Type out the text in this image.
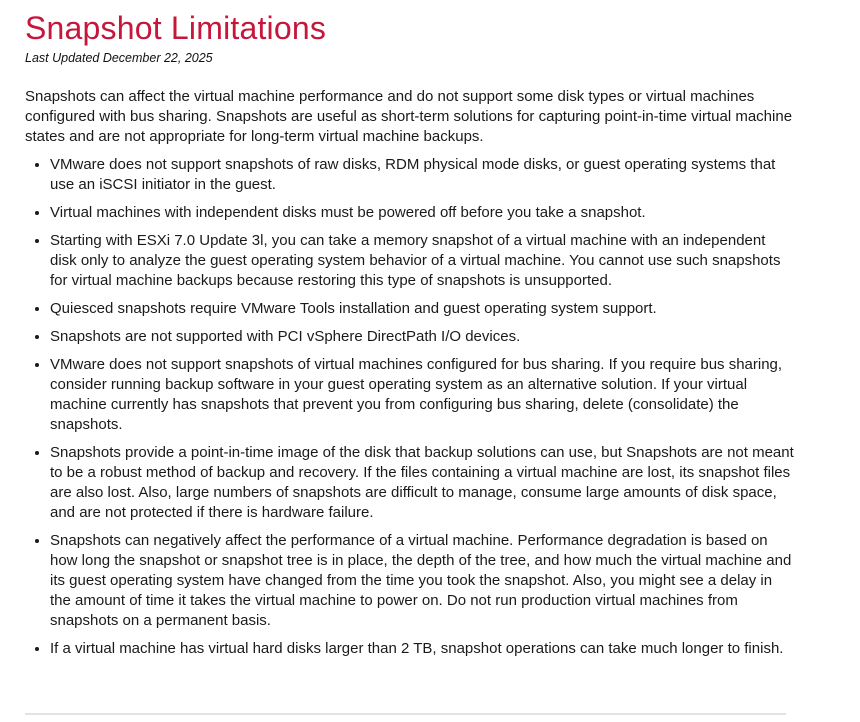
Snapshot Limitations

Last Updated December 22, 2025

Snapshots can affect the virtual machine performance and do not support some disk types or virtual machines configured with bus sharing. Snapshots are useful as short-term solutions for capturing point-in-time virtual machine states and are not appropriate for long-term virtual machine backups.

• VMware does not support snapshots of raw disks, RDM physical mode disks, or guest operating systems that use an iSCSI initiator in the guest.
• Virtual machines with independent disks must be powered off before you take a snapshot.
• Starting with ESXi 7.0 Update 3l, you can take a memory snapshot of a virtual machine with an independent disk only to analyze the guest operating system behavior of a virtual machine. You cannot use such snapshots for virtual machine backups because restoring this type of snapshots is unsupported.
• Quiesced snapshots require VMware Tools installation and guest operating system support.
• Snapshots are not supported with PCI vSphere DirectPath I/O devices.
• VMware does not support snapshots of virtual machines configured for bus sharing. If you require bus sharing, consider running backup software in your guest operating system as an alternative solution. If your virtual machine currently has snapshots that prevent you from configuring bus sharing, delete (consolidate) the snapshots.
• Snapshots provide a point-in-time image of the disk that backup solutions can use, but Snapshots are not meant to be a robust method of backup and recovery. If the files containing a virtual machine are lost, its snapshot files are also lost. Also, large numbers of snapshots are difficult to manage, consume large amounts of disk space, and are not protected if there is hardware failure.
• Snapshots can negatively affect the performance of a virtual machine. Performance degradation is based on how long the snapshot or snapshot tree is in place, the depth of the tree, and how much the virtual machine and its guest operating system have changed from the time you took the snapshot. Also, you might see a delay in the amount of time it takes the virtual machine to power on. Do not run production virtual machines from snapshots on a permanent basis.
• If a virtual machine has virtual hard disks larger than 2 TB, snapshot operations can take much longer to finish.
